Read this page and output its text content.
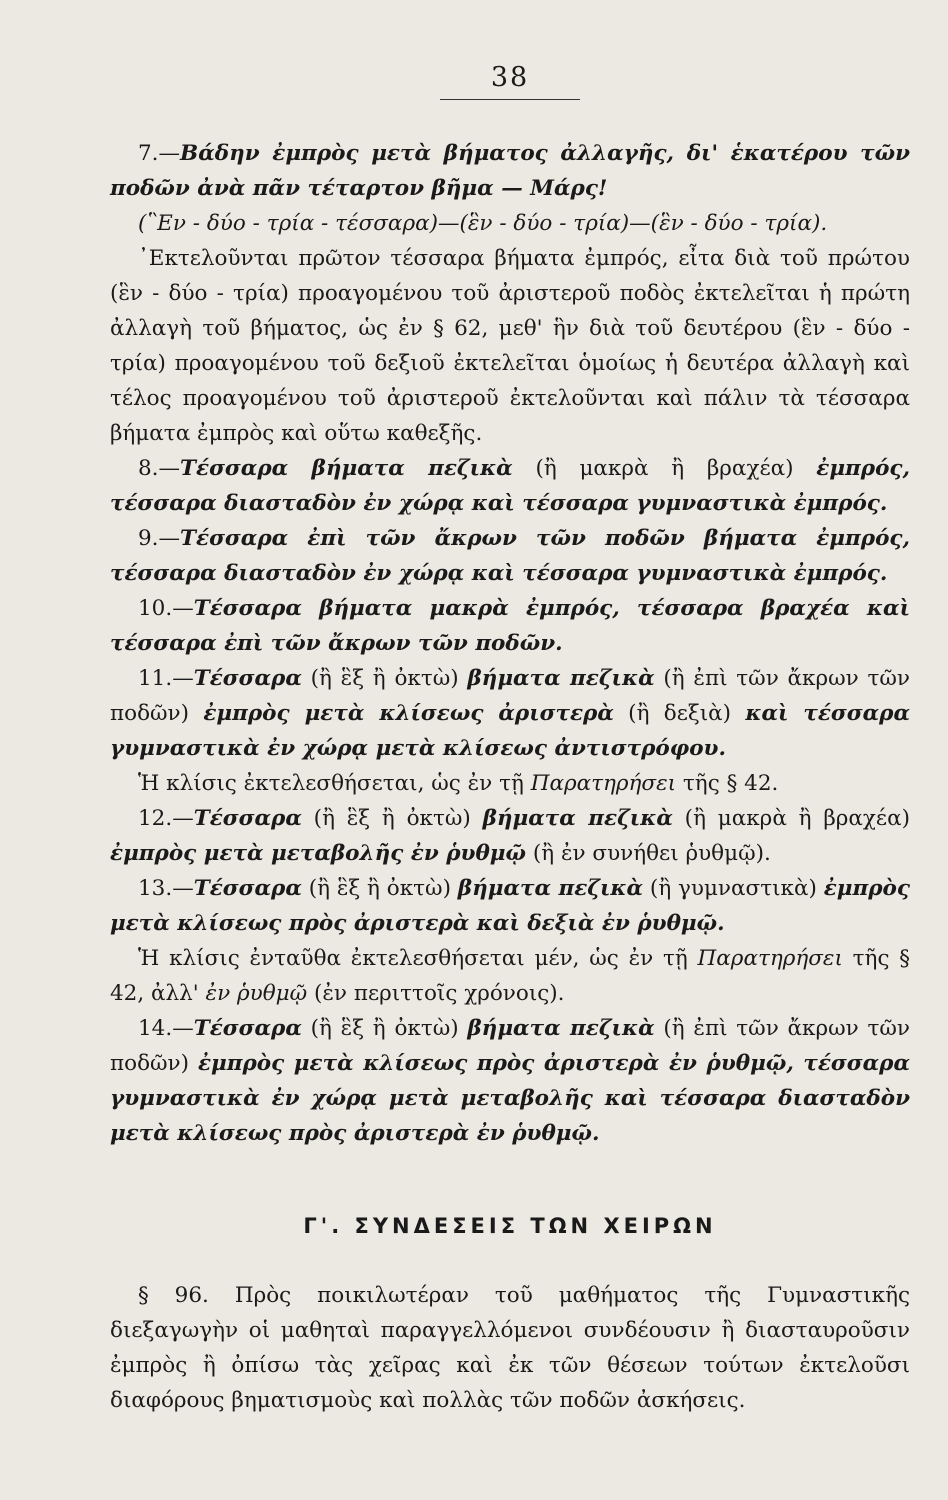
38

7.—Βάδην ἐμπρὸς μετὰ βήματος ἀλλαγῆς, δι' ἑκατέρου τῶν ποδῶν ἀνὰ πᾶν τέταρτον βῆμα — Μάρς!

(῝Εν - δύο - τρία - τέσσαρα)—(ἓν - δύο - τρία)—(ἓν - δύο - τρία).

᾿Εκτελοῦνται πρῶτον τέσσαρα βήματα ἐμπρός, εἶτα διὰ τοῦ πρώτου (ἓν - δύο - τρία) προαγομένου τοῦ ἀριστεροῦ ποδὸς ἐκτελεῖται ἡ πρώτη ἀλλαγὴ τοῦ βήματος, ὡς ἐν § 62, μεθ' ἣν διὰ τοῦ δευτέρου (ἓν - δύο - τρία) προαγομένου τοῦ δεξιοῦ ἐκτελεῖται ὁμοίως ἡ δευτέρα ἀλλαγὴ καὶ τέλος προαγομένου τοῦ ἀριστεροῦ ἐκτελοῦνται καὶ πάλιν τὰ τέσσαρα βήματα ἐμπρὸς καὶ οὕτω καθεξῆς.

8.—Τέσσαρα βήματα πεζικὰ (ἢ μακρὰ ἢ βραχέα) ἐμπρός, τέσσαρα διασταδὸν ἐν χώρᾳ καὶ τέσσαρα γυμναστικὰ ἐμπρός.

9.—Τέσσαρα ἐπὶ τῶν ἄκρων τῶν ποδῶν βήματα ἐμπρός, τέσσαρα διασταδὸν ἐν χώρᾳ καὶ τέσσαρα γυμναστικὰ ἐμπρός.

10.—Τέσσαρα βήματα μακρὰ ἐμπρός, τέσσαρα βραχέα καὶ τέσσαρα ἐπὶ τῶν ἄκρων τῶν ποδῶν.

11.—Τέσσαρα (ἢ ἓξ ἢ ὀκτὼ) βήματα πεζικὰ (ἢ ἐπὶ τῶν ἄκρων τῶν ποδῶν) ἐμπρὸς μετὰ κλίσεως ἀριστερὰ (ἢ δεξιὰ) καὶ τέσσαρα γυμναστικὰ ἐν χώρᾳ μετὰ κλίσεως ἀντιστρόφου.

Ἡ κλίσις ἐκτελεσθήσεται, ὡς ἐν τῇ Παρατηρήσει τῆς § 42.

12.—Τέσσαρα (ἢ ἓξ ἢ ὀκτὼ) βήματα πεζικὰ (ἢ μακρὰ ἢ βραχέα) ἐμπρὸς μετὰ μεταβολῆς ἐν ῥυθμῷ (ἢ ἐν συνήθει ῥυθμῷ).

13.—Τέσσαρα (ἢ ἓξ ἢ ὀκτὼ) βήματα πεζικὰ (ἢ γυμναστικὰ) ἐμπρὸς μετὰ κλίσεως πρὸς ἀριστερὰ καὶ δεξιὰ ἐν ῥυθμῷ.

Ἡ κλίσις ἐνταῦθα ἐκτελεσθήσεται μέν, ὡς ἐν τῇ Παρατηρήσει τῆς § 42, ἀλλ' ἐν ῥυθμῷ (ἐν περιττοῖς χρόνοις).

14.—Τέσσαρα (ἢ ἓξ ἢ ὀκτὼ) βήματα πεζικὰ (ἢ ἐπὶ τῶν ἄκρων τῶν ποδῶν) ἐμπρὸς μετὰ κλίσεως πρὸς ἀριστερὰ ἐν ῥυθμῷ, τέσσαρα γυμναστικὰ ἐν χώρᾳ μετὰ μεταβολῆς καὶ τέσσαρα διασταδὸν μετὰ κλίσεως πρὸς ἀριστερὰ ἐν ῥυθμῷ.

Γ'. ΣΥΝΔΕΣΕΙΣ ΤΩΝ ΧΕΙΡΩΝ

§ 96. Πρὸς ποικιλωτέραν τοῦ μαθήματος τῆς Γυμναστικῆς διεξαγωγὴν οἱ μαθηταὶ παραγγελλόμενοι συνδέουσιν ἢ διασταυροῦσιν ἐμπρὸς ἢ ὀπίσω τὰς χεῖρας καὶ ἐκ τῶν θέσεων τούτων ἐκτελοῦσι διαφόρους βηματισμοὺς καὶ πολλὰς τῶν ποδῶν ἀσκήσεις.
